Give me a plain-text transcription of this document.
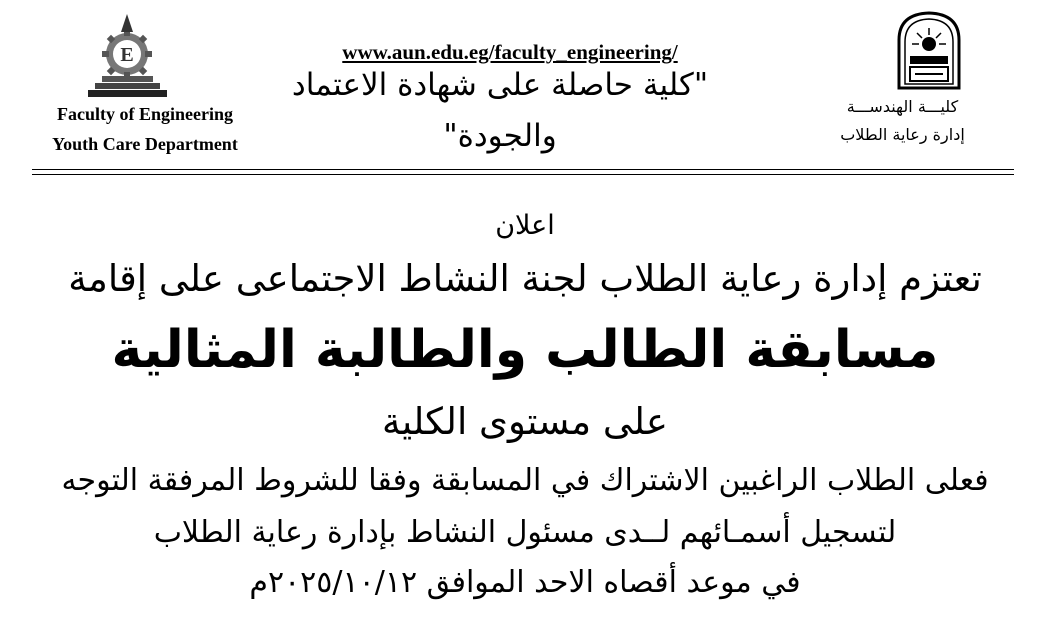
E
Faculty of Engineering
Youth Care Department
www.aun.edu.eg/faculty_engineering/
"كلية حاصلة على شهادة الاعتماد
والجودة"
كليـــة الهندســـة
إدارة رعاية الطلاب
اعلان
تعتزم إدارة رعاية الطلاب لجنة النشاط الاجتماعى على إقامة
مسابقة الطالب والطالبة المثالية
على مستوى الكلية
فعلى الطلاب الراغبين الاشتراك في المسابقة وفقا للشروط المرفقة التوجه
لتسجيل أسمـائهم لــدى مسئول النشاط بإدارة رعاية الطلاب
في موعد أقصاه الاحد الموافق ٢٠٢٥/١٠/١٢م
